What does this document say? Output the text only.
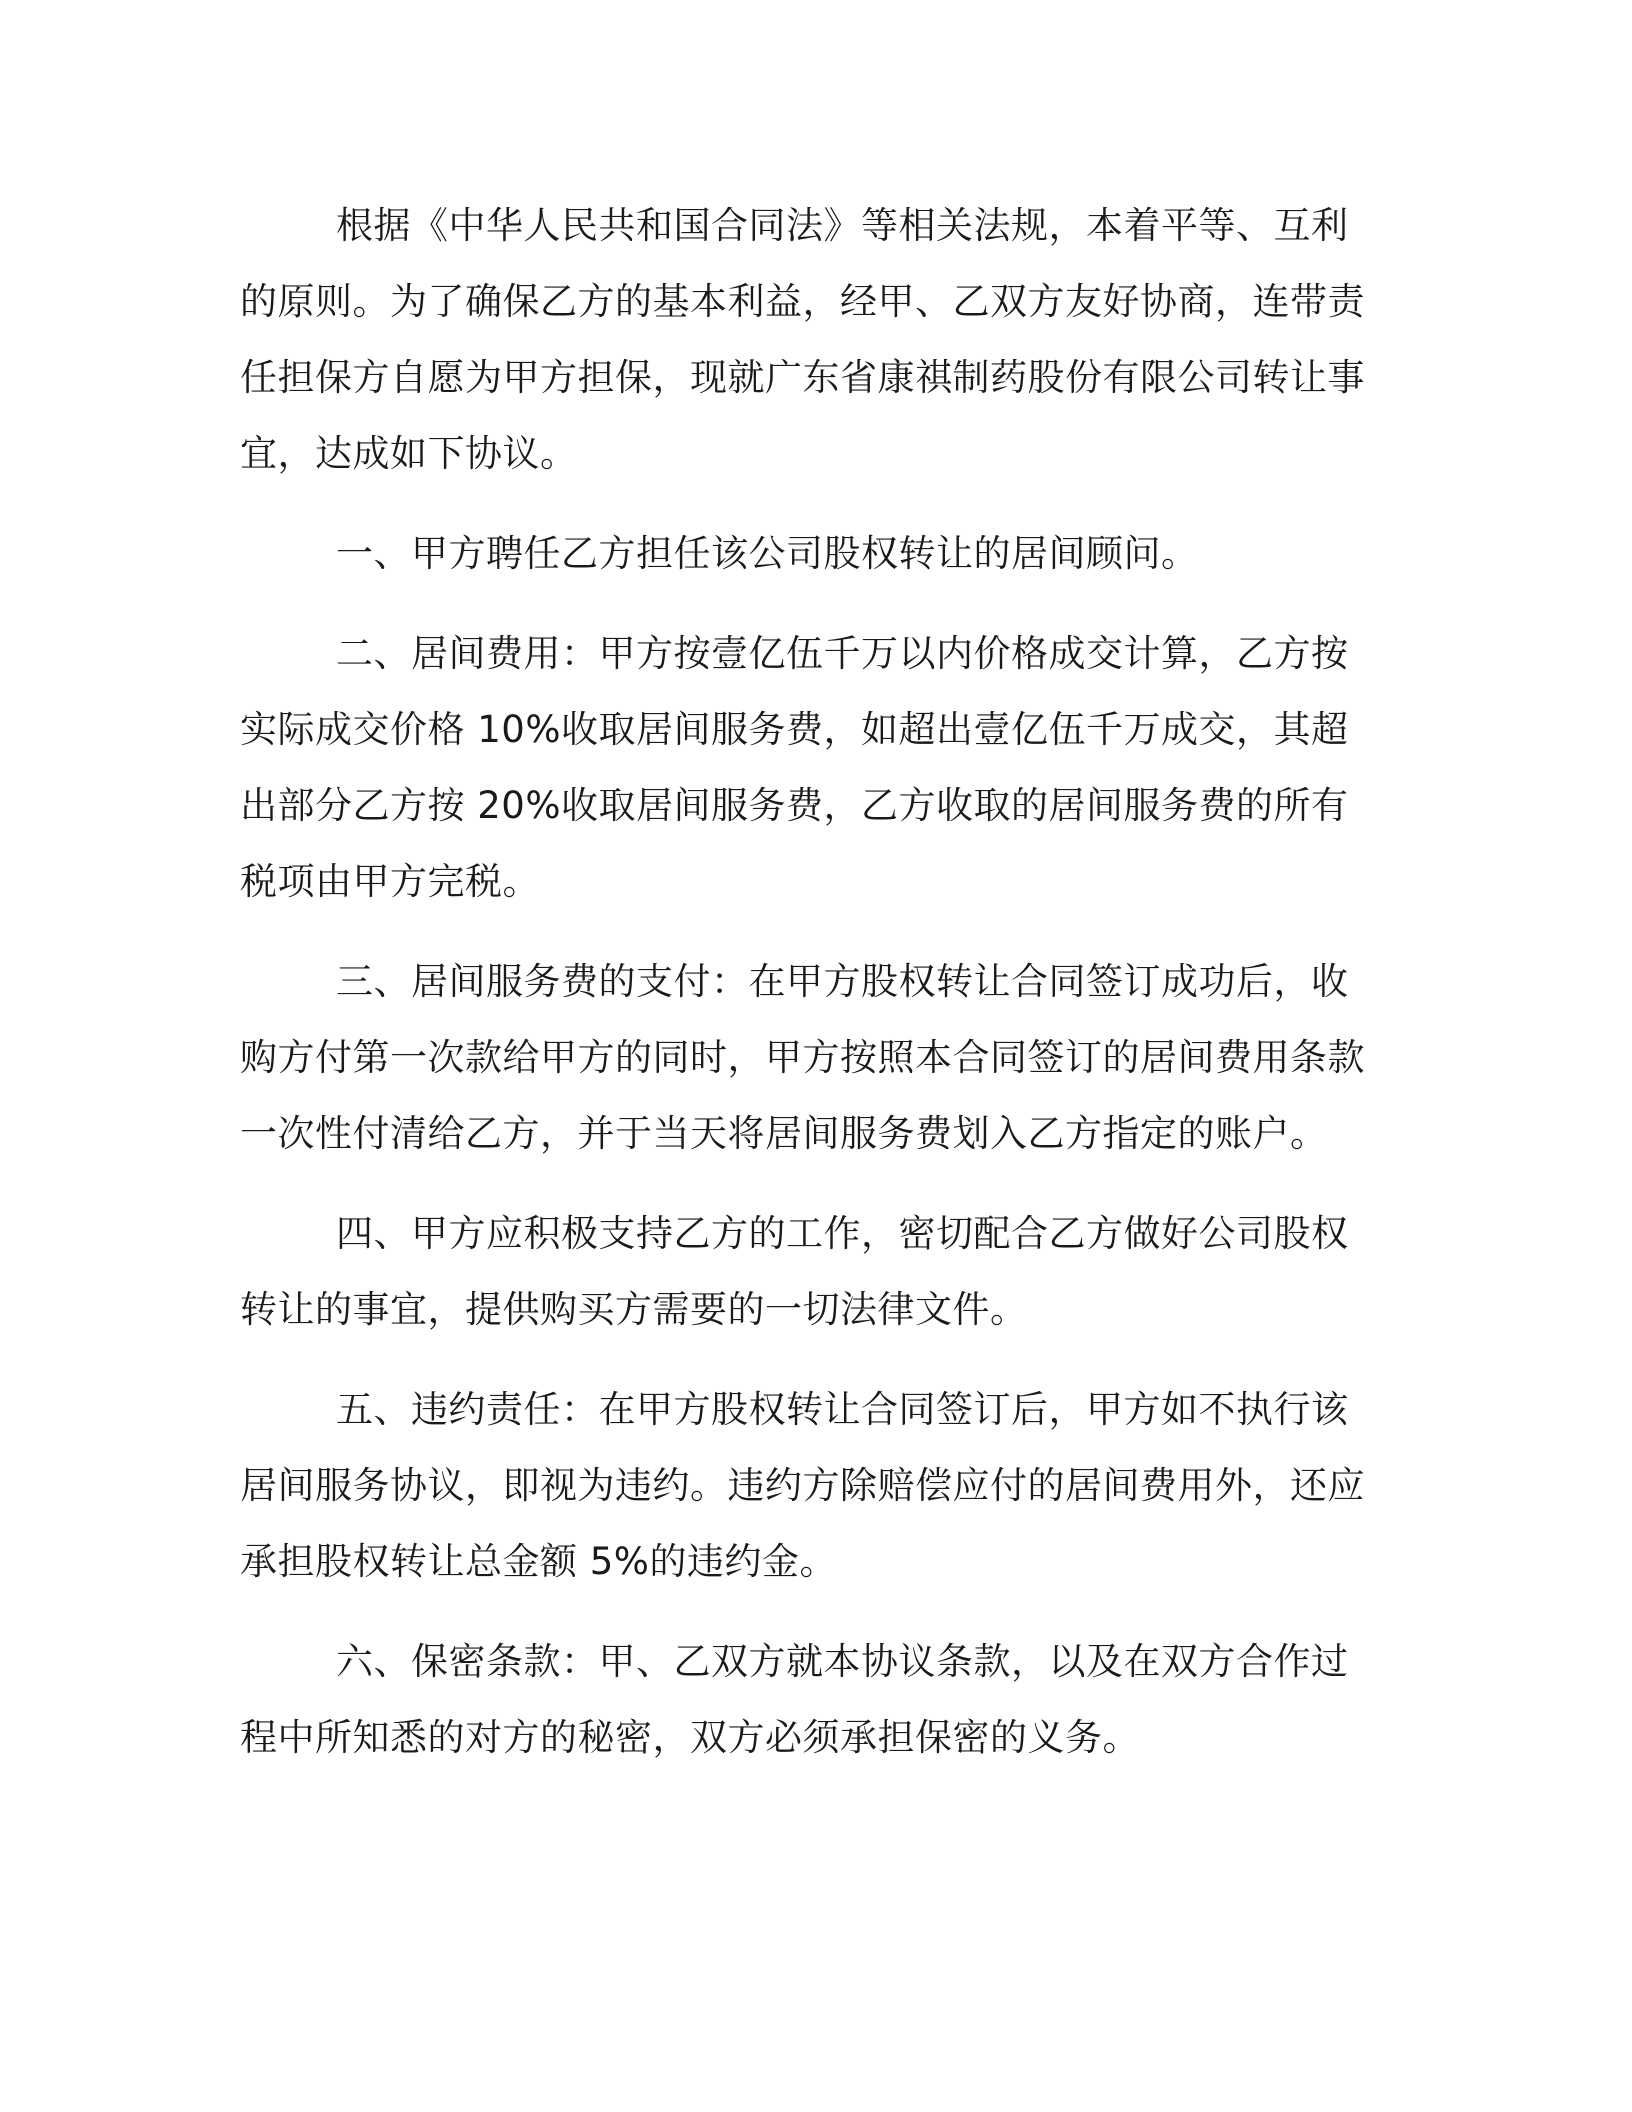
根据《中华人民共和国合同法》等相关法规，本着平等、互利的原则。为了确保乙方的基本利益，经甲、乙双方友好协商，连带责任担保方自愿为甲方担保，现就广东省康祺制药股份有限公司转让事宜，达成如下协议。

一、甲方聘任乙方担任该公司股权转让的居间顾问。

二、居间费用：甲方按壹亿伍千万以内价格成交计算，乙方按实际成交价格 10%收取居间服务费，如超出壹亿伍千万成交，其超出部分乙方按 20%收取居间服务费，乙方收取的居间服务费的所有税项由甲方完税。

三、居间服务费的支付：在甲方股权转让合同签订成功后，收购方付第一次款给甲方的同时，甲方按照本合同签订的居间费用条款一次性付清给乙方，并于当天将居间服务费划入乙方指定的账户。

四、甲方应积极支持乙方的工作，密切配合乙方做好公司股权转让的事宜，提供购买方需要的一切法律文件。

五、违约责任：在甲方股权转让合同签订后，甲方如不执行该居间服务协议，即视为违约。违约方除赔偿应付的居间费用外，还应承担股权转让总金额 5%的违约金。

六、保密条款：甲、乙双方就本协议条款，以及在双方合作过程中所知悉的对方的秘密，双方必须承担保密的义务。
